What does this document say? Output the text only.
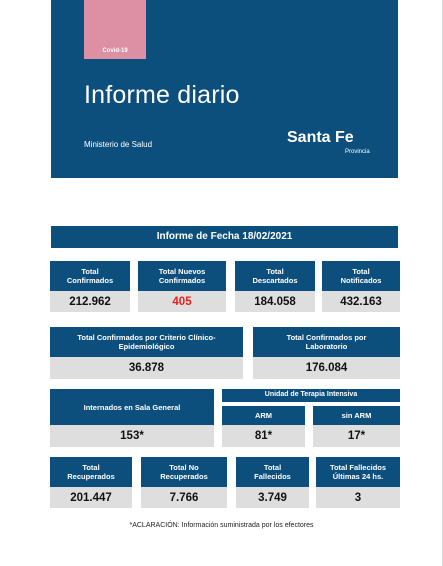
Covid-19
Informe diario
Ministerio de Salud	Santa Fe
Provincia
Informe de Fecha 18/02/2021
Total Confirmados
212.962
Total Nuevos Confirmados
405
Total Descartados
184.058
Total Notificados
432.163
Total Confirmados por Criterio Clínico-Epidemiológico
36.878
Total Confirmados por Laboratorio
176.084
Internados en Sala General
153*
Unidad de Terapia Intensiva
ARM
81*
sin ARM
17*
Total Recuperados
201.447
Total No Recuperados
7.766
Total Fallecidos
3.749
Total Fallecidos Últimas 24 hs.
3
*ACLARACIÓN: Información suministrada por los efectores
